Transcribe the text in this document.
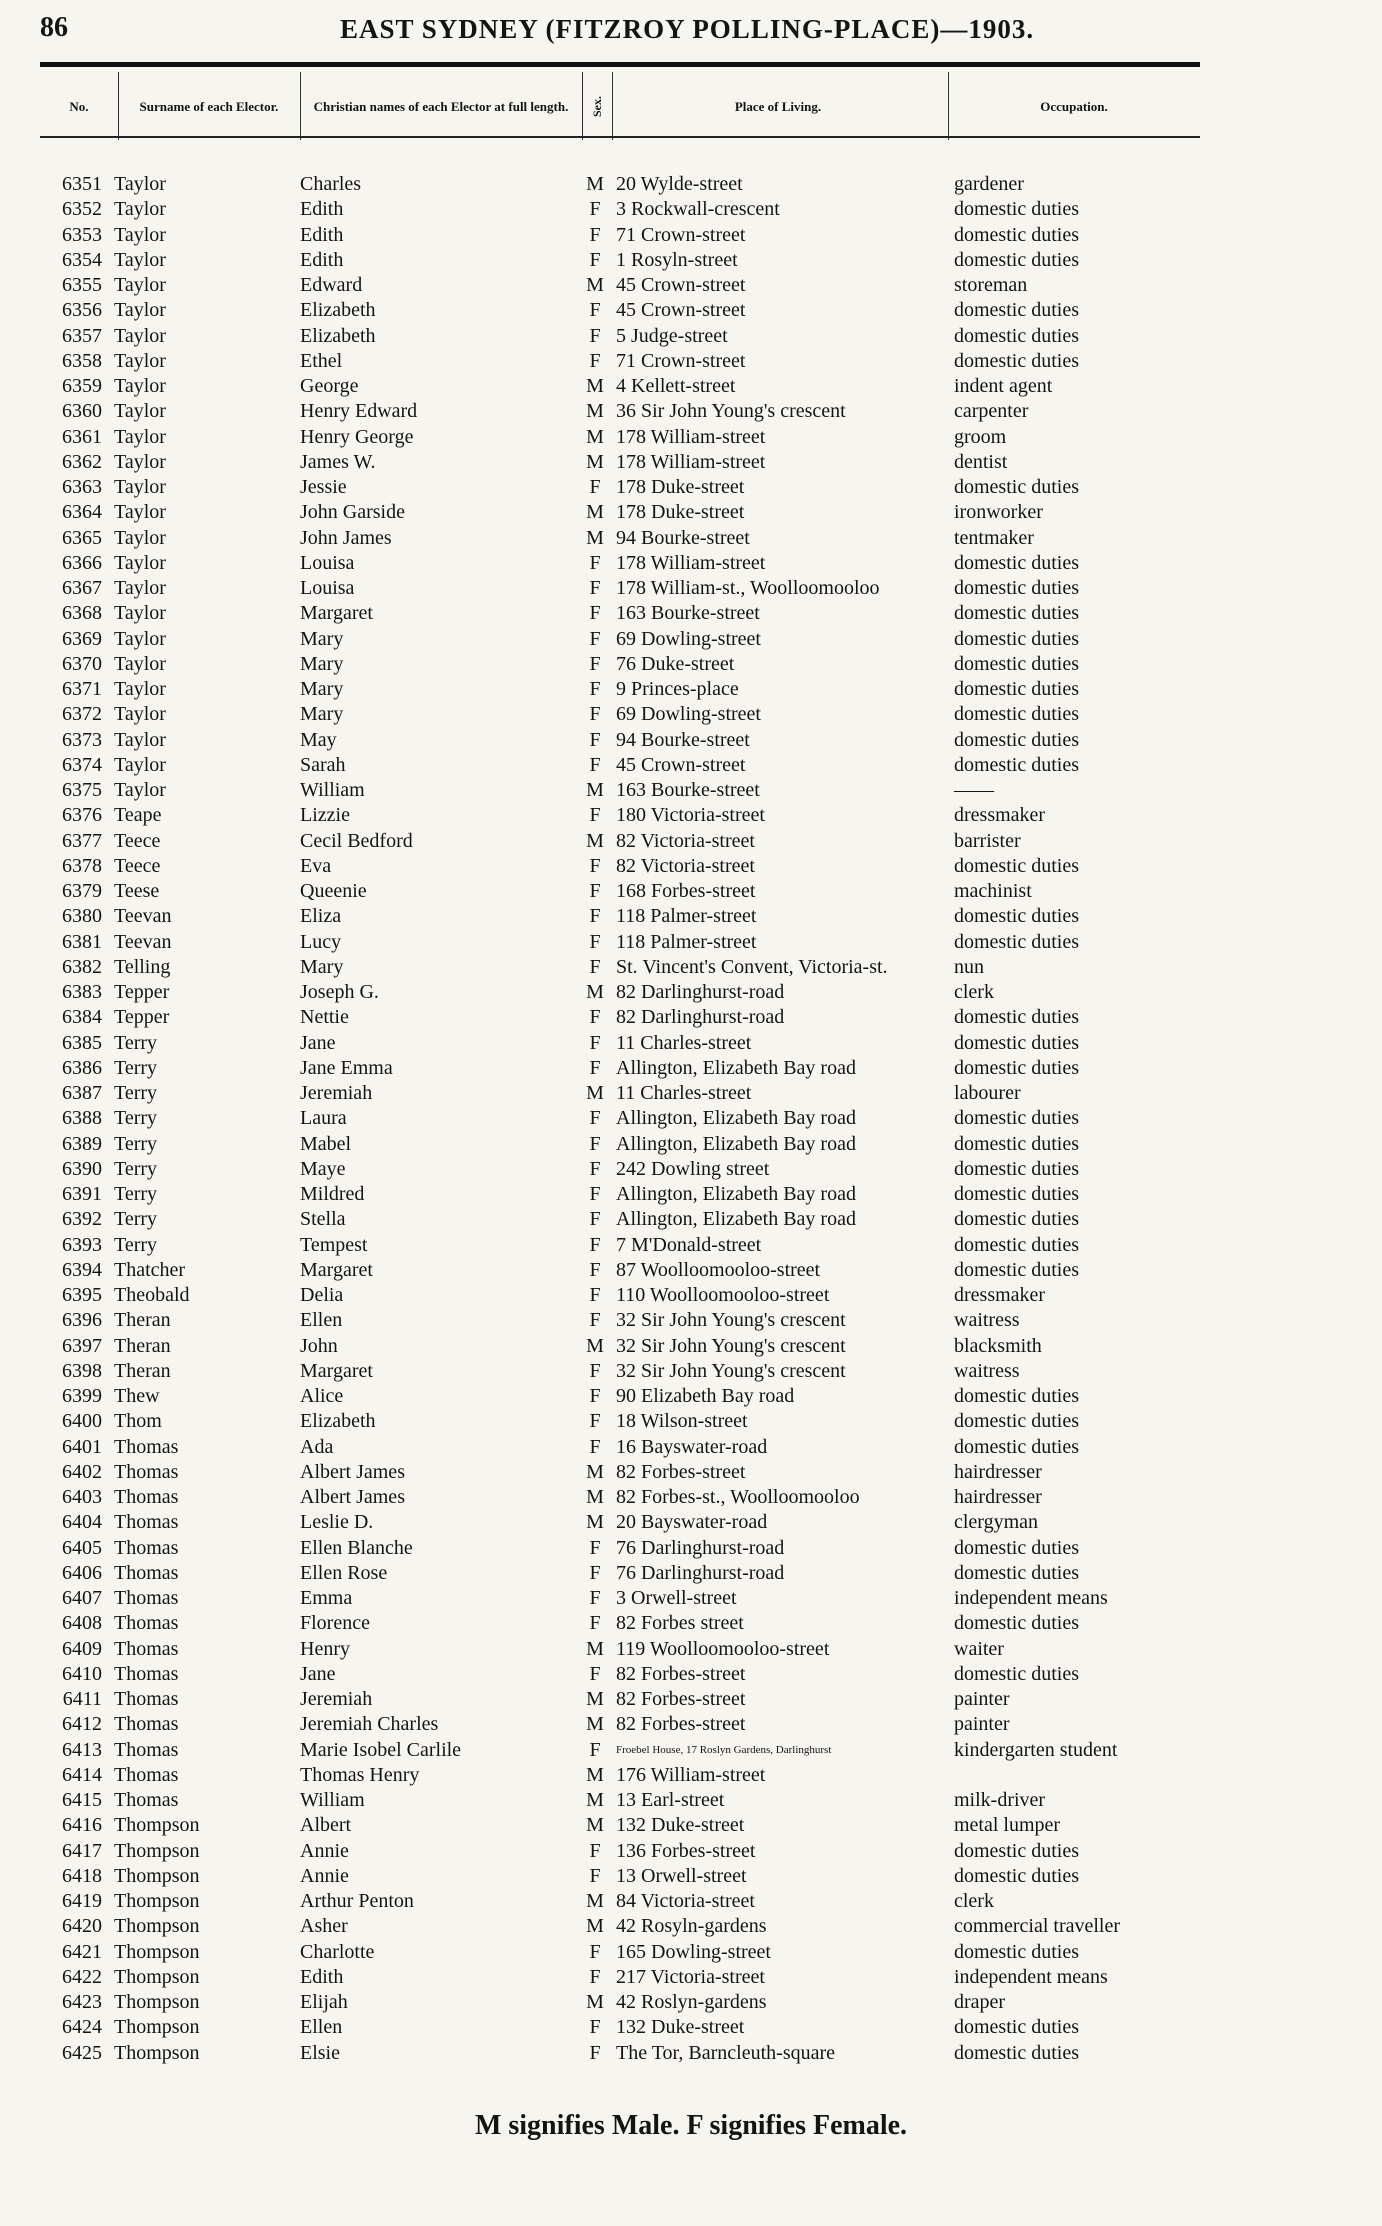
86	EAST SYDNEY (FITZROY POLLING-PLACE)—1903.
No.	Surname of each Elector.	Christian names of each Elector at full length.	Sex.	Place of Living.	Occupation.
6351 Taylor	Charles	M 20 Wylde-street	gardener
6352 Taylor	Edith	F 3 Rockwall-crescent	domestic duties
6353 Taylor	Edith	F 71 Crown-street	domestic duties
6354 Taylor	Edith	F 1 Rosyln-street	domestic duties
6355 Taylor	Edward	M 45 Crown-street	storeman
6356 Taylor	Elizabeth	F 45 Crown-street	domestic duties
6357 Taylor	Elizabeth	F 5 Judge-street	domestic duties
6358 Taylor	Ethel	F 71 Crown-street	domestic duties
6359 Taylor	George	M 4 Kellett-street	indent agent
6360 Taylor	Henry Edward	M 36 Sir John Young's crescent	carpenter
6361 Taylor	Henry George	M 178 William-street	groom
6362 Taylor	James W.	M 178 William-street	dentist
6363 Taylor	Jessie	F 178 Duke-street	domestic duties
6364 Taylor	John Garside	M 178 Duke-street	ironworker
6365 Taylor	John James	M 94 Bourke-street	tentmaker
6366 Taylor	Louisa	F 178 William-street	domestic duties
6367 Taylor	Louisa	F 178 William-st., Woolloomooloo	domestic duties
6368 Taylor	Margaret	F 163 Bourke-street	domestic duties
6369 Taylor	Mary	F 69 Dowling-street	domestic duties
6370 Taylor	Mary	F 76 Duke-street	domestic duties
6371 Taylor	Mary	F 9 Princes-place	domestic duties
6372 Taylor	Mary	F 69 Dowling-street	domestic duties
6373 Taylor	May	F 94 Bourke-street	domestic duties
6374 Taylor	Sarah	F 45 Crown-street	domestic duties
6375 Taylor	William	M 163 Bourke-street	——
6376 Teape	Lizzie	F 180 Victoria-street	dressmaker
6377 Teece	Cecil Bedford	M 82 Victoria-street	barrister
6378 Teece	Eva	F 82 Victoria-street	domestic duties
6379 Teese	Queenie	F 168 Forbes-street	machinist
6380 Teevan	Eliza	F 118 Palmer-street	domestic duties
6381 Teevan	Lucy	F 118 Palmer-street	domestic duties
6382 Telling	Mary	F St. Vincent's Convent, Victoria-st.	nun
6383 Tepper	Joseph G.	M 82 Darlinghurst-road	clerk
6384 Tepper	Nettie	F 82 Darlinghurst-road	domestic duties
6385 Terry	Jane	F 11 Charles-street	domestic duties
6386 Terry	Jane Emma	F Allington, Elizabeth Bay road	domestic duties
6387 Terry	Jeremiah	M 11 Charles-street	labourer
6388 Terry	Laura	F Allington, Elizabeth Bay road	domestic duties
6389 Terry	Mabel	F Allington, Elizabeth Bay road	domestic duties
6390 Terry	Maye	F 242 Dowling street	domestic duties
6391 Terry	Mildred	F Allington, Elizabeth Bay road	domestic duties
6392 Terry	Stella	F Allington, Elizabeth Bay road	domestic duties
6393 Terry	Tempest	F 7 M'Donald-street	domestic duties
6394 Thatcher	Margaret	F 87 Woolloomooloo-street	domestic duties
6395 Theobald	Delia	F 110 Woolloomooloo-street	dressmaker
6396 Theran	Ellen	F 32 Sir John Young's crescent	waitress
6397 Theran	John	M 32 Sir John Young's crescent	blacksmith
6398 Theran	Margaret	F 32 Sir John Young's crescent	waitress
6399 Thew	Alice	F 90 Elizabeth Bay road	domestic duties
6400 Thom	Elizabeth	F 18 Wilson-street	domestic duties
6401 Thomas	Ada	F 16 Bayswater-road	domestic duties
6402 Thomas	Albert James	M 82 Forbes-street	hairdresser
6403 Thomas	Albert James	M 82 Forbes-st., Woolloomooloo	hairdresser
6404 Thomas	Leslie D.	M 20 Bayswater-road	clergyman
6405 Thomas	Ellen Blanche	F 76 Darlinghurst-road	domestic duties
6406 Thomas	Ellen Rose	F 76 Darlinghurst-road	domestic duties
6407 Thomas	Emma	F 3 Orwell-street	independent means
6408 Thomas	Florence	F 82 Forbes street	domestic duties
6409 Thomas	Henry	M 119 Woolloomooloo-street	waiter
6410 Thomas	Jane	F 82 Forbes-street	domestic duties
6411 Thomas	Jeremiah	M 82 Forbes-street	painter
6412 Thomas	Jeremiah Charles	M 82 Forbes-street	painter
6413 Thomas	Marie Isobel Carlile	F	Froebel House, 17 Roslyn Gardens, Darlinghurst	kindergarten student
6414 Thomas	Thomas Henry	M 176 William-street
6415 Thomas	William	M 13 Earl-street	milk-driver
6416 Thompson	Albert	M 132 Duke-street	metal lumper
6417 Thompson	Annie	F 136 Forbes-street	domestic duties
6418 Thompson	Annie	F 13 Orwell-street	domestic duties
6419 Thompson	Arthur Penton	M 84 Victoria-street	clerk
6420 Thompson	Asher	M 42 Rosyln-gardens	commercial traveller
6421 Thompson	Charlotte	F 165 Dowling-street	domestic duties
6422 Thompson	Edith	F 217 Victoria-street	independent means
6423 Thompson	Elijah	M 42 Roslyn-gardens	draper
6424 Thompson	Ellen	F 132 Duke-street	domestic duties
6425 Thompson	Elsie	F The Tor, Barncleuth-square	domestic duties
M signifies Male. F signifies Female.
